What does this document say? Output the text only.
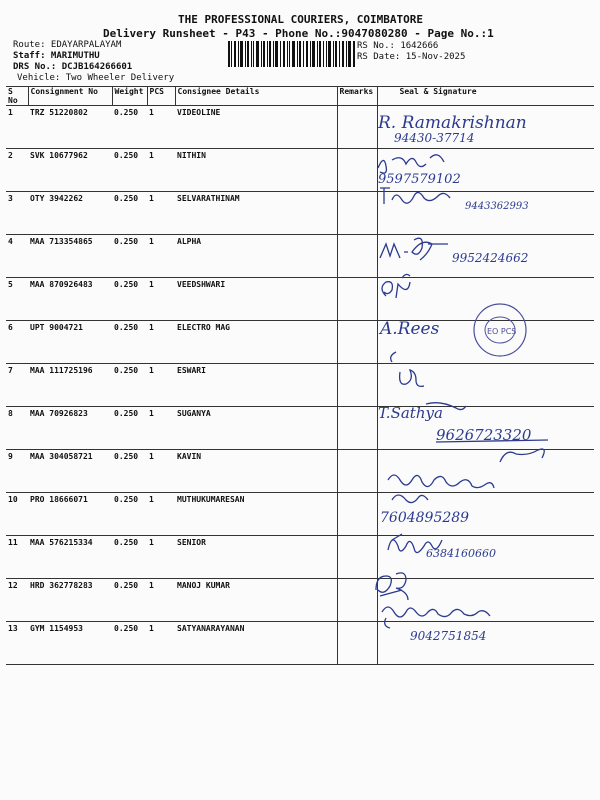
THE PROFESSIONAL COURIERS, COIMBATORE
Delivery Runsheet - P43 - Phone No.:9047080280 - Page No.:1
Route: EDAYARPALAYAM
Staff: MARIMUTHU
DRS No.: DCJB164266601
Vehicle: Two Wheeler Delivery
RS No.: 1642666
RS Date: 15-Nov-2025
S No	Consignment No	Weight	PCS	Consignee Details	Remarks	Seal & Signature
1	TRZ 51220802	0.250	1	VIDEOLINE		
2	SVK 10677962	0.250	1	NITHIN		
3	OTY 3942262	0.250	1	SELVARATHINAM		
4	MAA 713354865	0.250	1	ALPHA		
5	MAA 870926483	0.250	1	VEEDSHWARI		
6	UPT 9004721	0.250	1	ELECTRO MAG		
7	MAA 111725196	0.250	1	ESWARI		
8	MAA 70926823	0.250	1	SUGANYA		
9	MAA 304058721	0.250	1	KAVIN		
10	PRO 18666071	0.250	1	MUTHUKUMARESAN		
11	MAA 576215334	0.250	1	SENIOR		
12	HRD 362778283	0.250	1	MANOJ KUMAR		
13	GYM 1154953	0.250	1	SATYANARAYANAN		
R. Ramakrishnan
94430-37714
9597579102
9443362993
9952424662
A.Rees	EO PCS
T.Sathya
9626723320
7604895289
6384160660
9042751854
